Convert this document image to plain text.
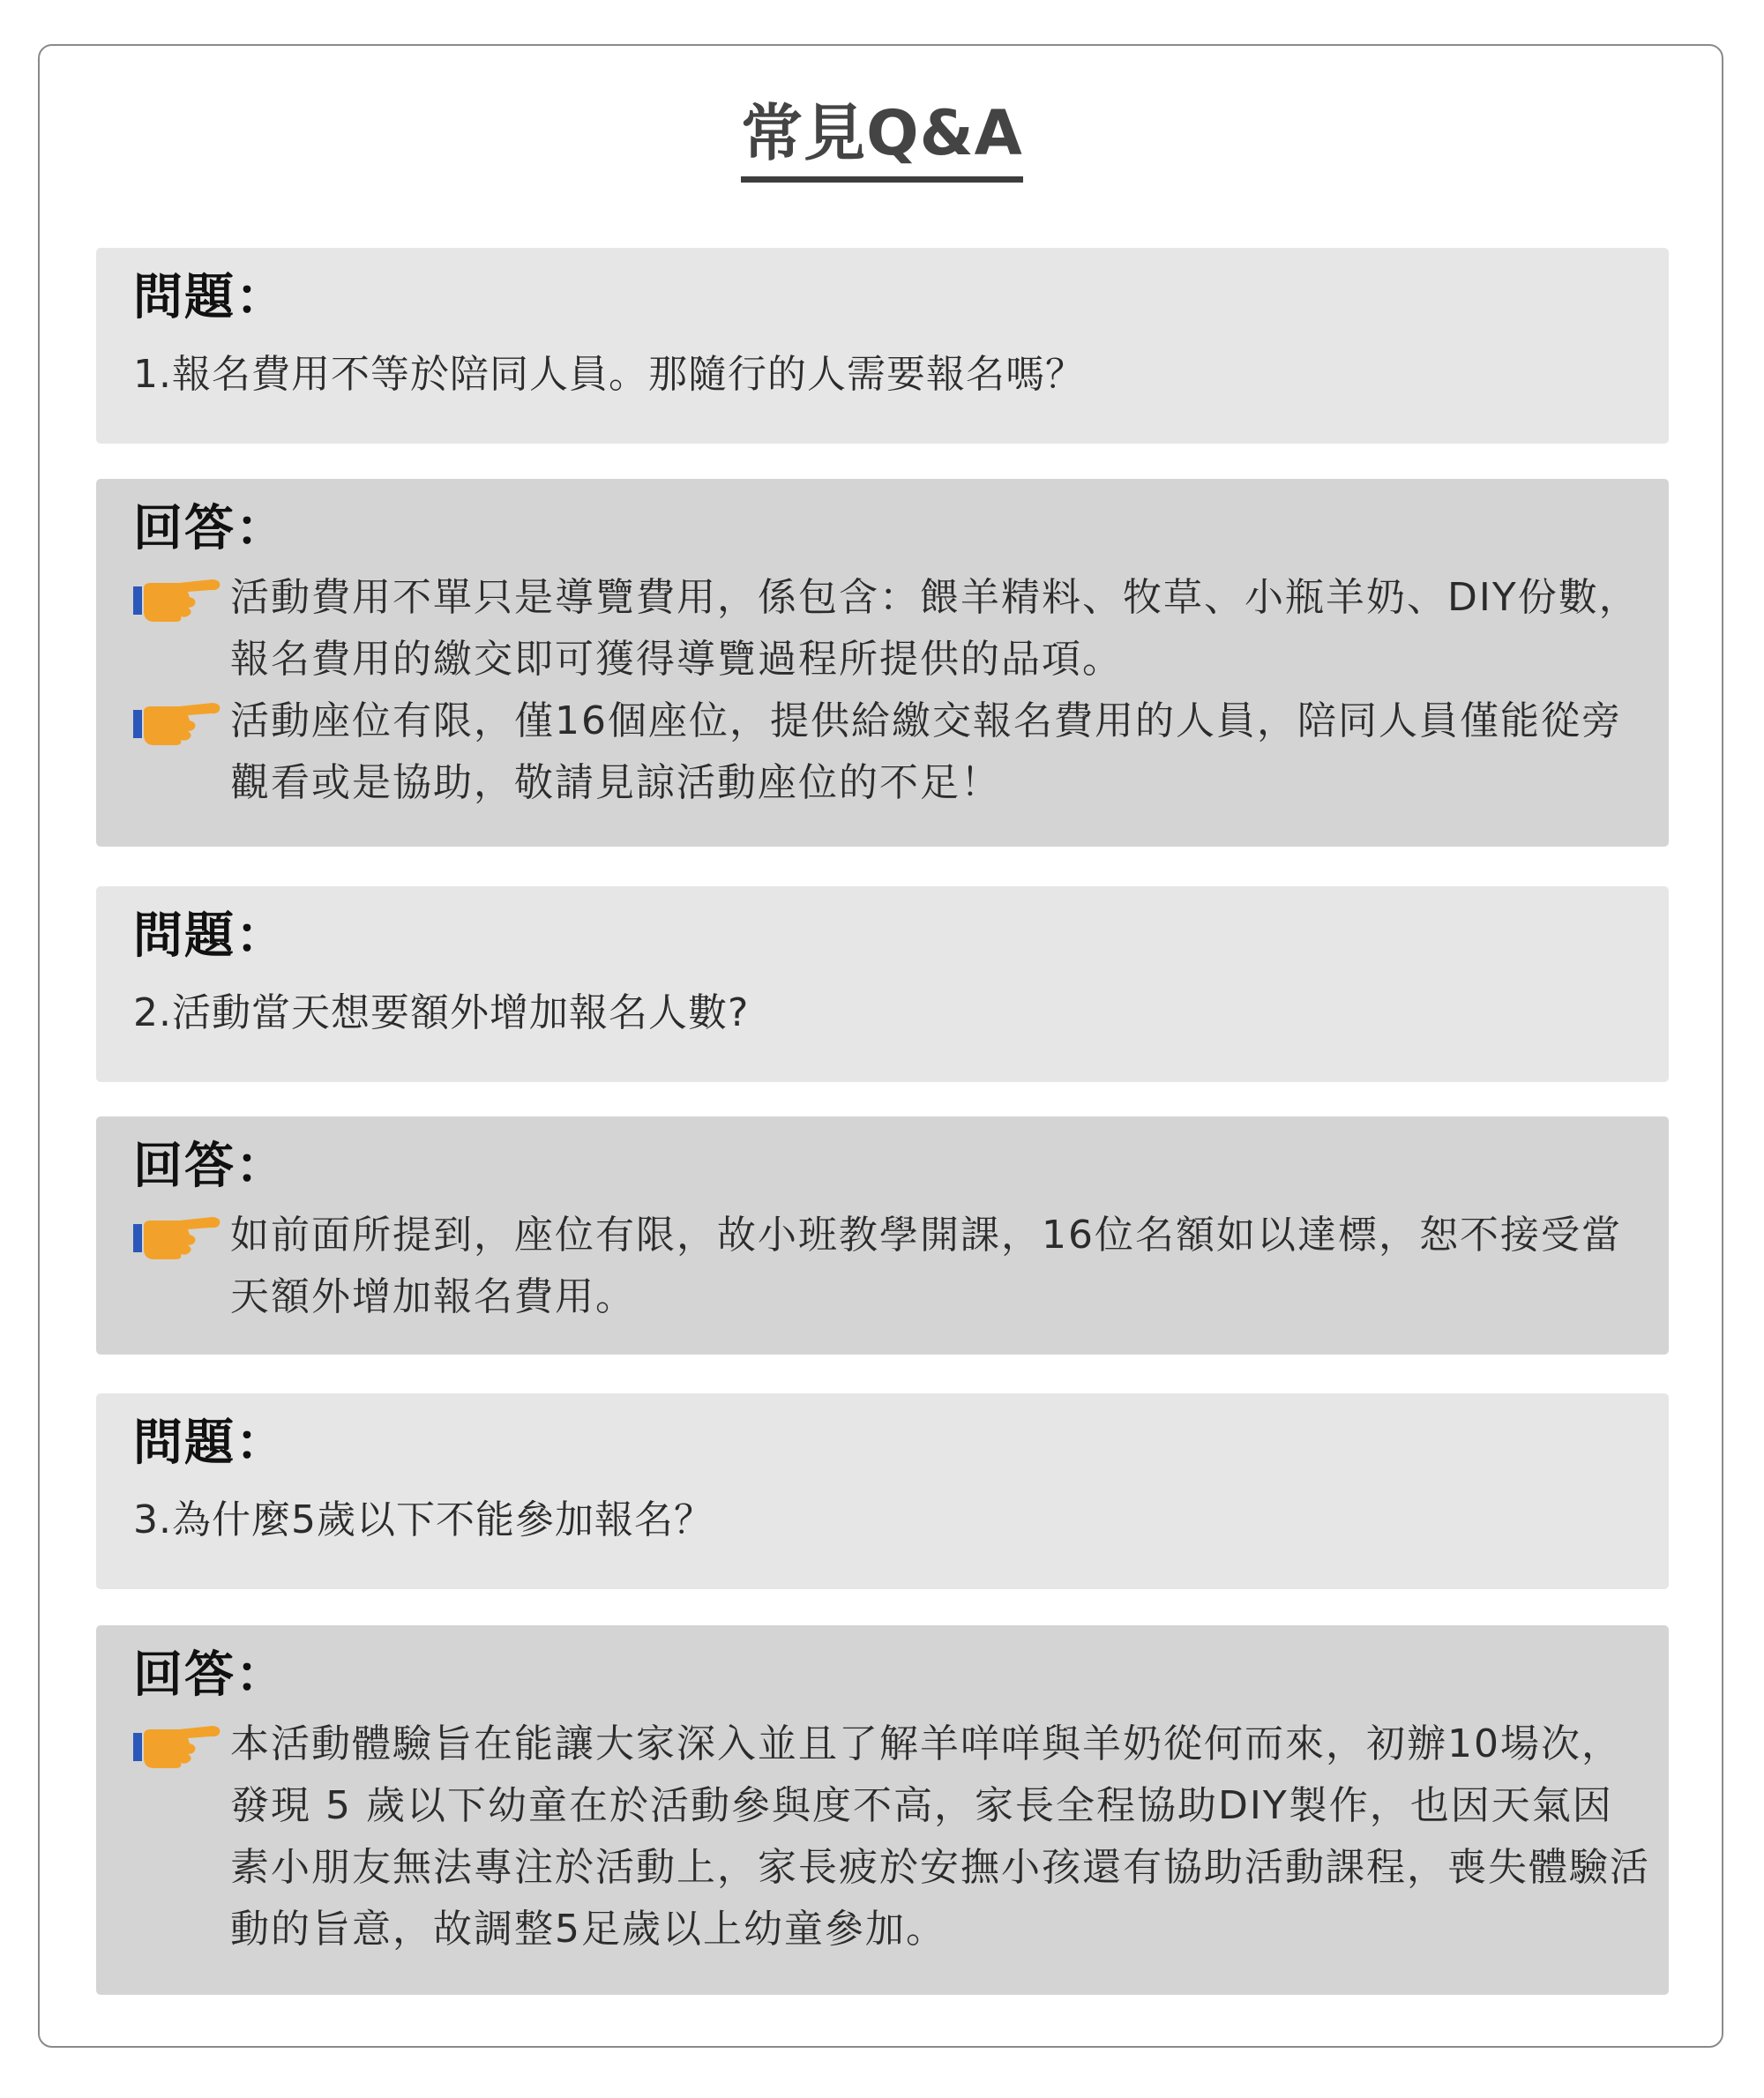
常見Q&A
問題：
1.報名費用不等於陪同人員。那隨行的人需要報名嗎？
回答：
活動費用不單只是導覽費用，係包含：餵羊精料、牧草、小瓶羊奶、DIY份數，報名費用的繳交即可獲得導覽過程所提供的品項。
活動座位有限，僅16個座位，提供給繳交報名費用的人員，陪同人員僅能從旁觀看或是協助，敬請見諒活動座位的不足！
問題：
2.活動當天想要額外增加報名人數?
回答：
如前面所提到，座位有限，故小班教學開課，16位名額如以達標，恕不接受當天額外增加報名費用。
問題：
3.為什麼5歲以下不能參加報名？
回答：
本活動體驗旨在能讓大家深入並且了解羊咩咩與羊奶從何而來，初辦10場次，發現 5 歲以下幼童在於活動參與度不高，家長全程協助DIY製作，也因天氣因素小朋友無法專注於活動上，家長疲於安撫小孩還有協助活動課程，喪失體驗活動的旨意，故調整5足歲以上幼童參加。
